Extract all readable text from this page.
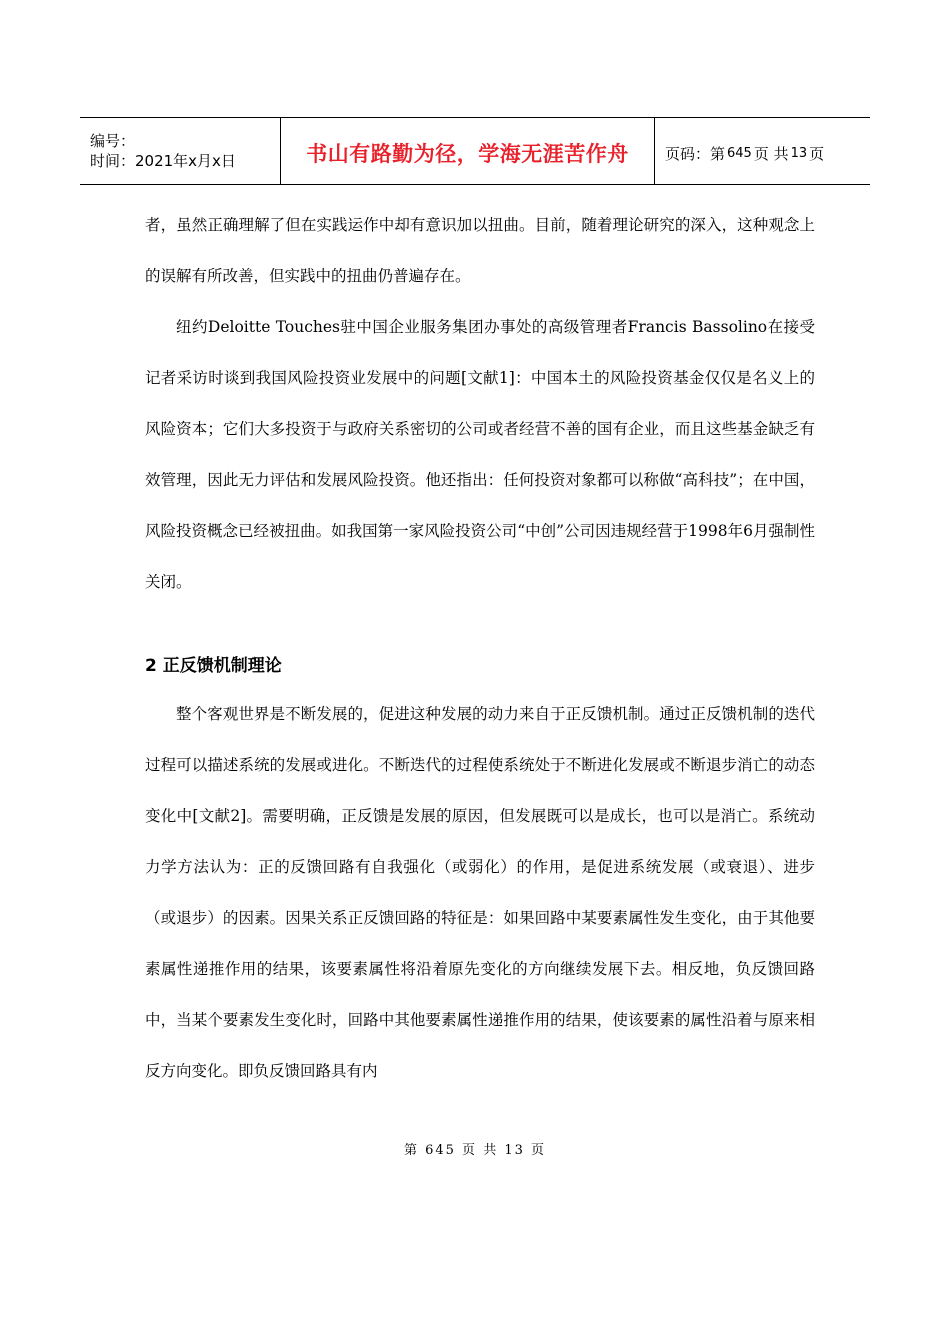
编号：
时间：2021年x月x日	书山有路勤为径，学海无涯苦作舟 页码：第 645 页 共 13 页

者，虽然正确理解了但在实践运作中却有意识加以扭曲。目前，随着理论研究的深入，这种观念上的误解有所改善，但实践中的扭曲仍普遍存在。

纽约Deloitte Touches驻中国企业服务集团办事处的高级管理者Francis Bassolino在接受记者采访时谈到我国风险投资业发展中的问题[文献1]：中国本土的风险投资基金仅仅是名义上的风险资本；它们大多投资于与政府关系密切的公司或者经营不善的国有企业，而且这些基金缺乏有效管理，因此无力评估和发展风险投资。他还指出：任何投资对象都可以称做“高科技”；在中国，风险投资概念已经被扭曲。如我国第一家风险投资公司“中创”公司因违规经营于1998年6月强制性关闭。

2 正反馈机制理论

整个客观世界是不断发展的，促进这种发展的动力来自于正反馈机制。通过正反馈机制的迭代过程可以描述系统的发展或进化。不断迭代的过程使系统处于不断进化发展或不断退步消亡的动态变化中[文献2]。需要明确，正反馈是发展的原因，但发展既可以是成长，也可以是消亡。系统动力学方法认为：正的反馈回路有自我强化（或弱化）的作用，是促进系统发展（或衰退）、进步（或退步）的因素。因果关系正反馈回路的特征是：如果回路中某要素属性发生变化，由于其他要素属性递推作用的结果，该要素属性将沿着原先变化的方向继续发展下去。相反地，负反馈回路中，当某个要素发生变化时，回路中其他要素属性递推作用的结果，使该要素的属性沿着与原来相反方向变化。即负反馈回路具有内

第 645 页 共 13 页
